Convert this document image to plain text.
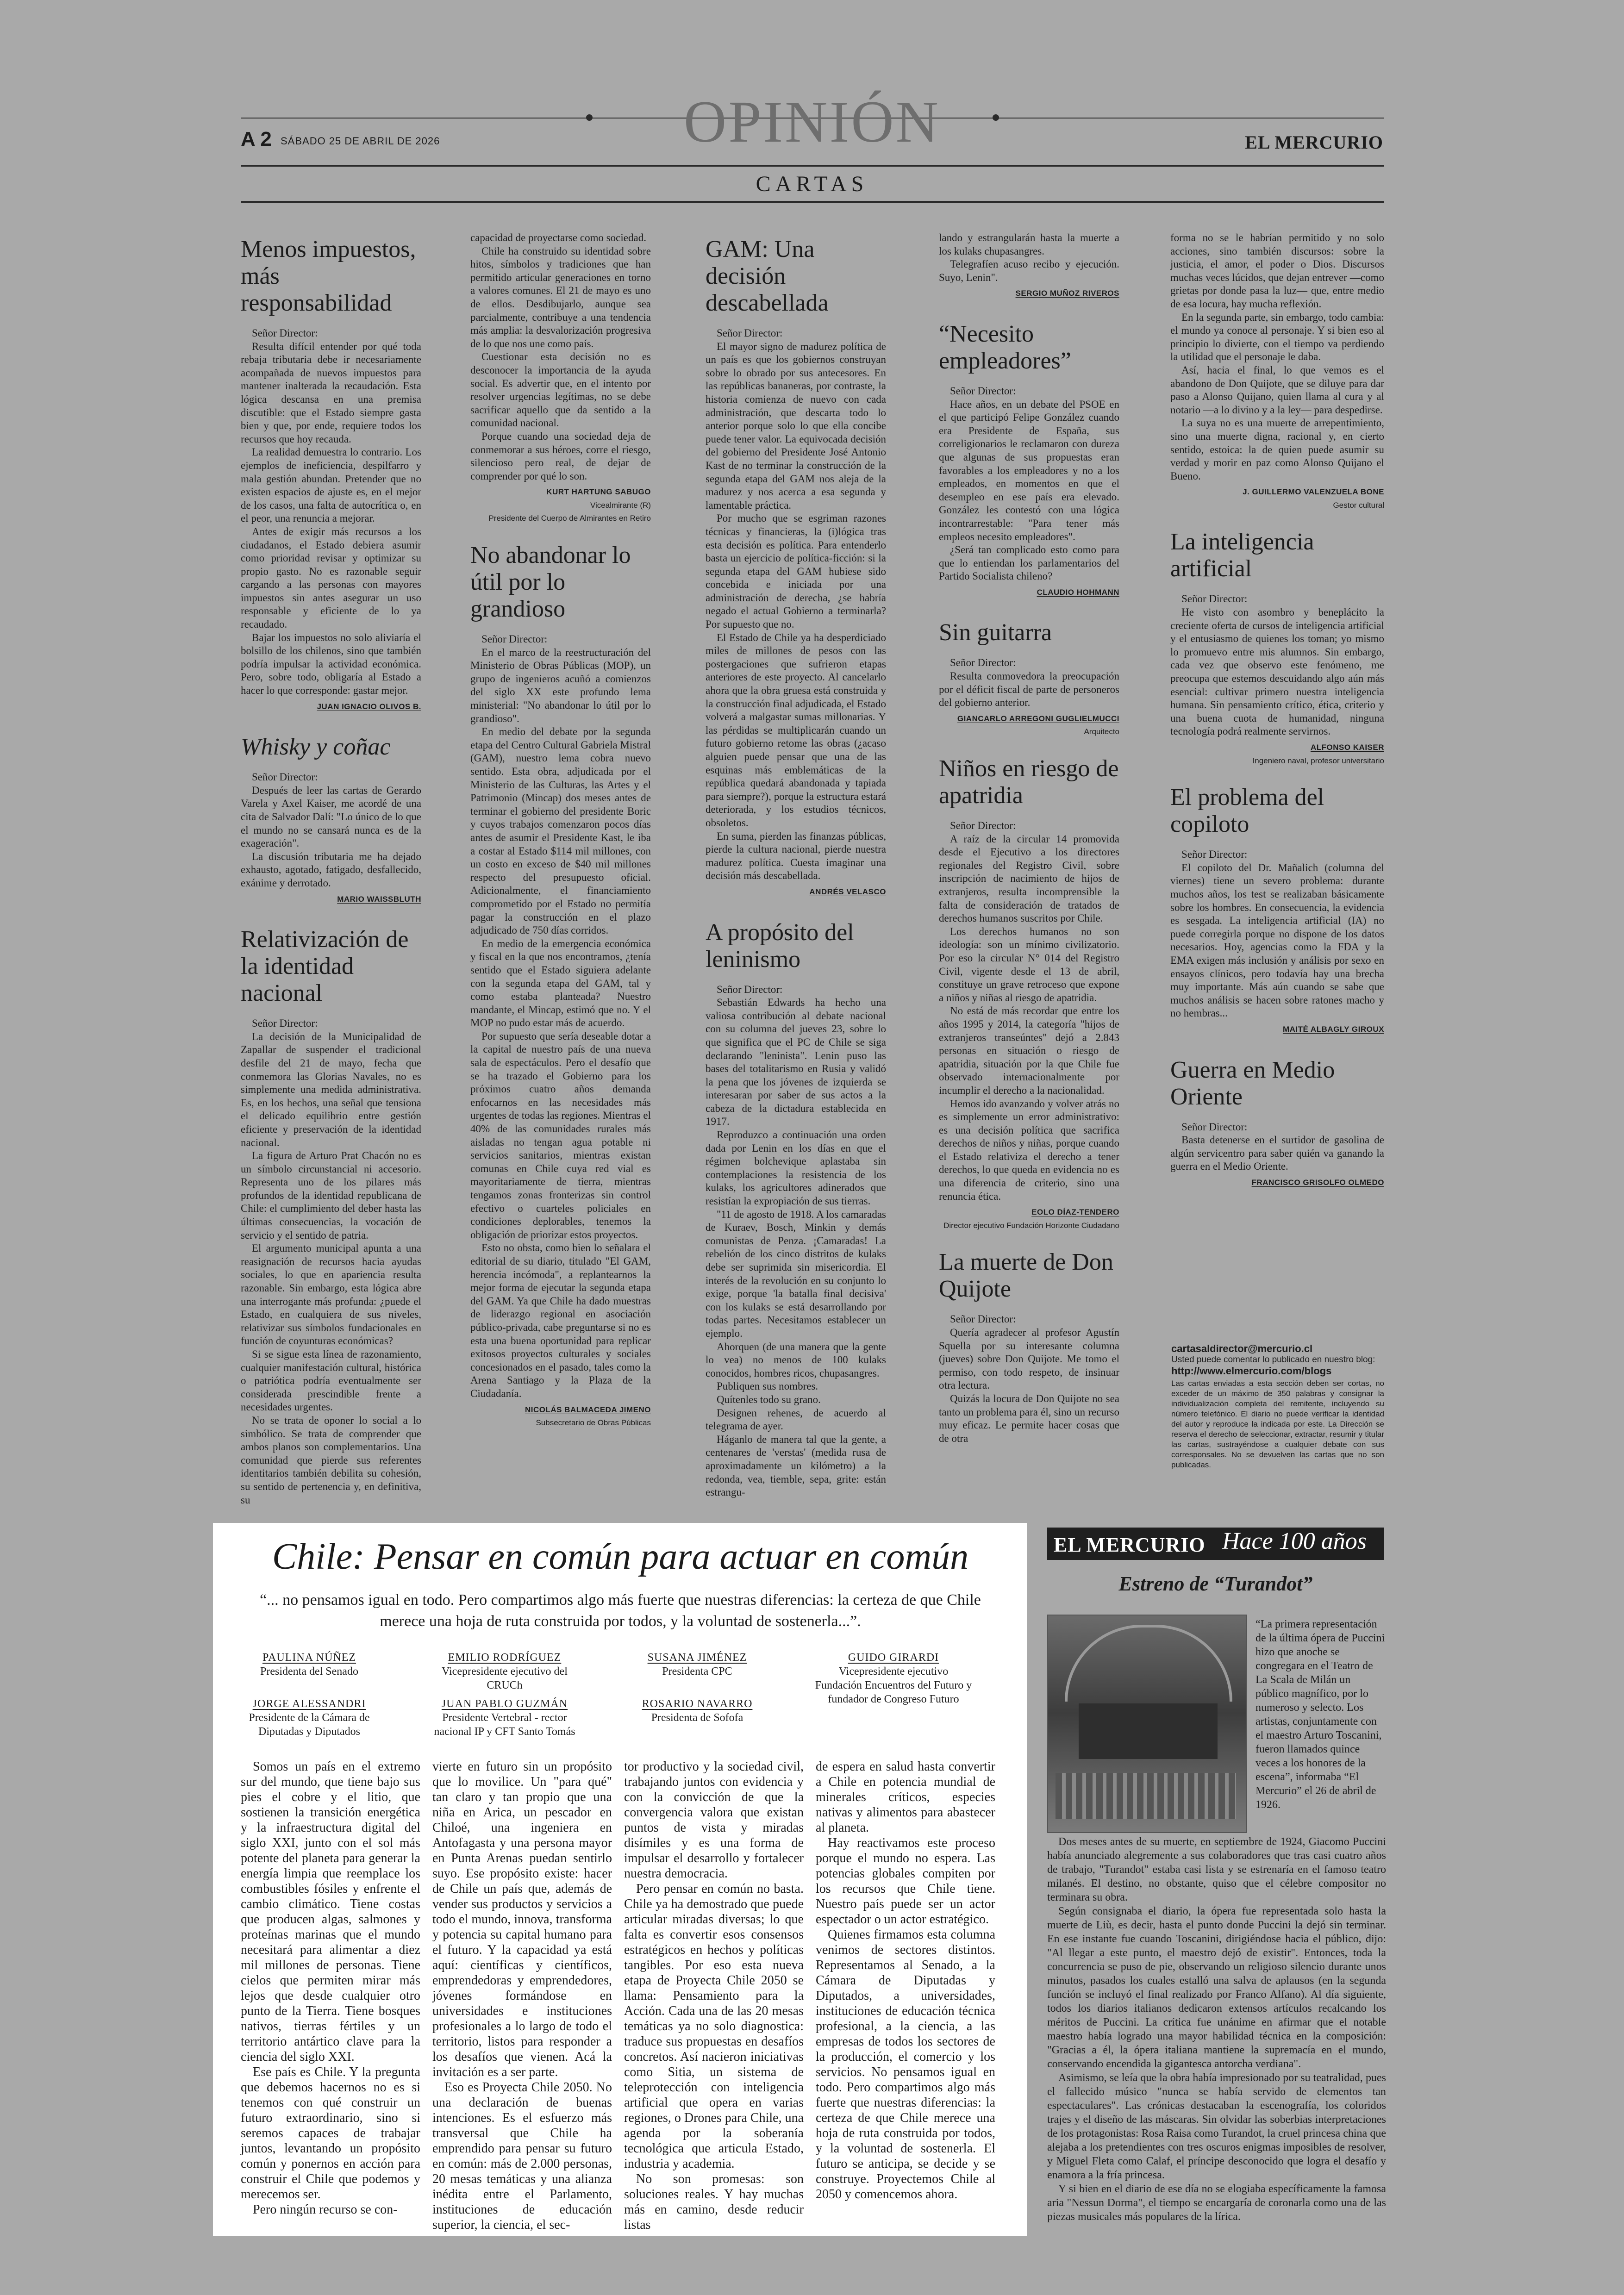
A 2 SÁBADO 25 DE ABRIL DE 2026	OPINIÓN	EL MERCURIO
CARTAS
Menos impuestos, más responsabilidad

Señor Director:

Resulta difícil entender por qué toda rebaja tributaria debe ir necesariamente acompañada de nuevos impuestos para mantener inalterada la recaudación. Esta lógica descansa en una premisa discutible: que el Estado siempre gasta bien y que, por ende, requiere todos los recursos que hoy recauda.

La realidad demuestra lo contrario. Los ejemplos de ineficiencia, despilfarro y mala gestión abundan. Pretender que no existen espacios de ajuste es, en el mejor de los casos, una falta de autocrítica o, en el peor, una renuncia a mejorar.

Antes de exigir más recursos a los ciudadanos, el Estado debiera asumir como prioridad revisar y optimizar su propio gasto. No es razonable seguir cargando a las personas con mayores impuestos sin antes asegurar un uso responsable y eficiente de lo ya recaudado.

Bajar los impuestos no solo aliviaría el bolsillo de los chilenos, sino que también podría impulsar la actividad económica. Pero, sobre todo, obligaría al Estado a hacer lo que corresponde: gastar mejor.

JUAN IGNACIO OLIVOS B.
Whisky y coñac

Señor Director:

Después de leer las cartas de Gerardo Varela y Axel Kaiser, me acordé de una cita de Salvador Dalí: "Lo único de lo que el mundo no se cansará nunca es de la exageración".

La discusión tributaria me ha dejado exhausto, agotado, fatigado, desfallecido, exánime y derrotado.

MARIO WAISSBLUTH
Relativización de la identidad nacional

Señor Director:

La decisión de la Municipalidad de Zapallar de suspender el tradicional desfile del 21 de mayo, fecha que conmemora las Glorias Navales, no es simplemente una medida administrativa. Es, en los hechos, una señal que tensiona el delicado equilibrio entre gestión eficiente y preservación de la identidad nacional.

La figura de Arturo Prat Chacón no es un símbolo circunstancial ni accesorio. Representa uno de los pilares más profundos de la identidad republicana de Chile: el cumplimiento del deber hasta las últimas consecuencias, la vocación de servicio y el sentido de patria.

El argumento municipal apunta a una reasignación de recursos hacia ayudas sociales, lo que en apariencia resulta razonable. Sin embargo, esta lógica abre una interrogante más profunda: ¿puede el Estado, en cualquiera de sus niveles, relativizar sus símbolos fundacionales en función de coyunturas económicas?

Si se sigue esta línea de razonamiento, cualquier manifestación cultural, histórica o patriótica podría eventualmente ser considerada prescindible frente a necesidades urgentes.

No se trata de oponer lo social a lo simbólico. Se trata de comprender que ambos planos son complementarios. Una comunidad que pierde sus referentes identitarios también debilita su cohesión, su sentido de pertenencia y, en definitiva, su

capacidad de proyectarse como sociedad.

Chile ha construido su identidad sobre hitos, símbolos y tradiciones que han permitido articular generaciones en torno a valores comunes. El 21 de mayo es uno de ellos. Desdibujarlo, aunque sea parcialmente, contribuye a una tendencia más amplia: la desvalorización progresiva de lo que nos une como país.

Cuestionar esta decisión no es desconocer la importancia de la ayuda social. Es advertir que, en el intento por resolver urgencias legítimas, no se debe sacrificar aquello que da sentido a la comunidad nacional.

Porque cuando una sociedad deja de conmemorar a sus héroes, corre el riesgo, silencioso pero real, de dejar de comprender por qué lo son.

KURT HARTUNG SABUGO
Vicealmirante (R)
Presidente del Cuerpo de Almirantes en Retiro
No abandonar lo útil por lo grandioso

Señor Director:

En el marco de la reestructuración del Ministerio de Obras Públicas (MOP), un grupo de ingenieros acuñó a comienzos del siglo XX este profundo lema ministerial: "No abandonar lo útil por lo grandioso".

En medio del debate por la segunda etapa del Centro Cultural Gabriela Mistral (GAM), nuestro lema cobra nuevo sentido. Esta obra, adjudicada por el Ministerio de las Culturas, las Artes y el Patrimonio (Mincap) dos meses antes de terminar el gobierno del presidente Boric y cuyos trabajos comenzaron pocos días antes de asumir el Presidente Kast, le iba a costar al Estado $114 mil millones, con un costo en exceso de $40 mil millones respecto del presupuesto oficial. Adicionalmente, el financiamiento comprometido por el Estado no permitía pagar la construcción en el plazo adjudicado de 750 días corridos.

En medio de la emergencia económica y fiscal en la que nos encontramos, ¿tenía sentido que el Estado siguiera adelante con la segunda etapa del GAM, tal y como estaba planteada? Nuestro mandante, el Mincap, estimó que no. Y el MOP no pudo estar más de acuerdo.

Por supuesto que sería deseable dotar a la capital de nuestro país de una nueva sala de espectáculos. Pero el desafío que se ha trazado el Gobierno para los próximos cuatro años demanda enfocarnos en las necesidades más urgentes de todas las regiones. Mientras el 40% de las comunidades rurales más aisladas no tengan agua potable ni servicios sanitarios, mientras existan comunas en Chile cuya red vial es mayoritariamente de tierra, mientras tengamos zonas fronterizas sin control efectivo o cuarteles policiales en condiciones deplorables, tenemos la obligación de priorizar estos proyectos.

Esto no obsta, como bien lo señalara el editorial de su diario, titulado "El GAM, herencia incómoda", a replantearnos la mejor forma de ejecutar la segunda etapa del GAM. Ya que Chile ha dado muestras de liderazgo regional en asociación público-privada, cabe preguntarse si no es esta una buena oportunidad para replicar exitosos proyectos culturales y sociales concesionados en el pasado, tales como la Arena Santiago y la Plaza de la Ciudadanía.

NICOLÁS BALMACEDA JIMENO
Subsecretario de Obras Públicas
GAM: Una decisión descabellada

Señor Director:

El mayor signo de madurez política de un país es que los gobiernos construyan sobre lo obrado por sus antecesores. En las repúblicas bananeras, por contraste, la historia comienza de nuevo con cada administración, que descarta todo lo anterior porque solo lo que ella concibe puede tener valor. La equivocada decisión del gobierno del Presidente José Antonio Kast de no terminar la construcción de la segunda etapa del GAM nos aleja de la madurez y nos acerca a esa segunda y lamentable práctica.

Por mucho que se esgriman razones técnicas y financieras, la (i)lógica tras esta decisión es política. Para entenderlo basta un ejercicio de política-ficción: si la segunda etapa del GAM hubiese sido concebida e iniciada por una administración de derecha, ¿se habría negado el actual Gobierno a terminarla? Por supuesto que no.

El Estado de Chile ya ha desperdiciado miles de millones de pesos con las postergaciones que sufrieron etapas anteriores de este proyecto. Al cancelarlo ahora que la obra gruesa está construida y la construcción final adjudicada, el Estado volverá a malgastar sumas millonarias. Y las pérdidas se multiplicarán cuando un futuro gobierno retome las obras (¿acaso alguien puede pensar que una de las esquinas más emblemáticas de la república quedará abandonada y tapiada para siempre?), porque la estructura estará deteriorada, y los estudios técnicos, obsoletos.

En suma, pierden las finanzas públicas, pierde la cultura nacional, pierde nuestra madurez política. Cuesta imaginar una decisión más descabellada.

ANDRÉS VELASCO
A propósito del leninismo

Señor Director:

Sebastián Edwards ha hecho una valiosa contribución al debate nacional con su columna del jueves 23, sobre lo que significa que el PC de Chile se siga declarando "leninista". Lenin puso las bases del totalitarismo en Rusia y validó la pena que los jóvenes de izquierda se interesaran por saber de sus actos a la cabeza de la dictadura establecida en 1917.

Reproduzco a continuación una orden dada por Lenin en los días en que el régimen bolchevique aplastaba sin contemplaciones la resistencia de los kulaks, los agricultores adinerados que resistían la expropiación de sus tierras.

"11 de agosto de 1918. A los camaradas de Kuraev, Bosch, Minkin y demás comunistas de Penza. ¡Camaradas! La rebelión de los cinco distritos de kulaks debe ser suprimida sin misericordia. El interés de la revolución en su conjunto lo exige, porque 'la batalla final decisiva' con los kulaks se está desarrollando por todas partes. Necesitamos establecer un ejemplo.

Ahorquen (de una manera que la gente lo vea) no menos de 100 kulaks conocidos, hombres ricos, chupasangres.

Publiquen sus nombres.

Quítenles todo su grano.

Designen rehenes, de acuerdo al telegrama de ayer.

Háganlo de manera tal que la gente, a centenares de 'verstas' (medida rusa de aproximadamente un kilómetro) a la redonda, vea, tiemble, sepa, grite: están estrangu-

lando y estrangularán hasta la muerte a los kulaks chupasangres.

Telegrafíen acuso recibo y ejecución. Suyo, Lenin".

SERGIO MUÑOZ RIVEROS
“Necesito empleadores”

Señor Director:

Hace años, en un debate del PSOE en el que participó Felipe González cuando era Presidente de España, sus correligionarios le reclamaron con dureza que algunas de sus propuestas eran favorables a los empleadores y no a los empleados, en momentos en que el desempleo en ese país era elevado. González les contestó con una lógica incontrarrestable: "Para tener más empleos necesito empleadores".

¿Será tan complicado esto como para que lo entiendan los parlamentarios del Partido Socialista chileno?

CLAUDIO HOHMANN
Sin guitarra

Señor Director:

Resulta conmovedora la preocupación por el déficit fiscal de parte de personeros del gobierno anterior.

GIANCARLO ARREGONI GUGLIELMUCCI
Arquitecto
Niños en riesgo de apatridia

Señor Director:

A raíz de la circular 14 promovida desde el Ejecutivo a los directores regionales del Registro Civil, sobre inscripción de nacimiento de hijos de extranjeros, resulta incomprensible la falta de consideración de tratados de derechos humanos suscritos por Chile.

Los derechos humanos no son ideología: son un mínimo civilizatorio. Por eso la circular N° 014 del Registro Civil, vigente desde el 13 de abril, constituye un grave retroceso que expone a niños y niñas al riesgo de apatridia.

No está de más recordar que entre los años 1995 y 2014, la categoría "hijos de extranjeros transeúntes" dejó a 2.843 personas en situación o riesgo de apatridia, situación por la que Chile fue observado internacionalmente por incumplir el derecho a la nacionalidad.

Hemos ido avanzando y volver atrás no es simplemente un error administrativo: es una decisión política que sacrifica derechos de niños y niñas, porque cuando el Estado relativiza el derecho a tener derechos, lo que queda en evidencia no es una diferencia de criterio, sino una renuncia ética.

EOLO DÍAZ-TENDERO
Director ejecutivo Fundación Horizonte Ciudadano
La muerte de Don Quijote

Señor Director:

Quería agradecer al profesor Agustín Squella por su interesante columna (jueves) sobre Don Quijote. Me tomo el permiso, con todo respeto, de insinuar otra lectura.

Quizás la locura de Don Quijote no sea tanto un problema para él, sino un recurso muy eficaz. Le permite hacer cosas que de otra

forma no se le habrían permitido y no solo acciones, sino también discursos: sobre la justicia, el amor, el poder o Dios. Discursos muchas veces lúcidos, que dejan entrever —como grietas por donde pasa la luz— que, entre medio de esa locura, hay mucha reflexión.

En la segunda parte, sin embargo, todo cambia: el mundo ya conoce al personaje. Y si bien eso al principio lo divierte, con el tiempo va perdiendo la utilidad que el personaje le daba.

Así, hacia el final, lo que vemos es el abandono de Don Quijote, que se diluye para dar paso a Alonso Quijano, quien llama al cura y al notario —a lo divino y a la ley— para despedirse.

La suya no es una muerte de arrepentimiento, sino una muerte digna, racional y, en cierto sentido, estoica: la de quien puede asumir su verdad y morir en paz como Alonso Quijano el Bueno.

J. GUILLERMO VALENZUELA BONE
Gestor cultural
La inteligencia artificial

Señor Director:

He visto con asombro y beneplácito la creciente oferta de cursos de inteligencia artificial y el entusiasmo de quienes los toman; yo mismo lo promuevo entre mis alumnos. Sin embargo, cada vez que observo este fenómeno, me preocupa que estemos descuidando algo aún más esencial: cultivar primero nuestra inteligencia humana. Sin pensamiento crítico, ética, criterio y una buena cuota de humanidad, ninguna tecnología podrá realmente servirnos.

ALFONSO KAISER
Ingeniero naval, profesor universitario
El problema del copiloto

Señor Director:

El copiloto del Dr. Mañalich (columna del viernes) tiene un severo problema: durante muchos años, los test se realizaban básicamente sobre los hombres. En consecuencia, la evidencia es sesgada. La inteligencia artificial (IA) no puede corregirla porque no dispone de los datos necesarios. Hoy, agencias como la FDA y la EMA exigen más inclusión y análisis por sexo en ensayos clínicos, pero todavía hay una brecha muy importante. Más aún cuando se sabe que muchos análisis se hacen sobre ratones macho y no hembras...

MAITÉ ALBAGLY GIROUX
Guerra en Medio Oriente

Señor Director:

Basta detenerse en el surtidor de gasolina de algún servicentro para saber quién va ganando la guerra en el Medio Oriente.

FRANCISCO GRISOLFO OLMEDO
cartasaldirector@mercurio.cl
Usted puede comentar lo publicado en nuestro blog:
http://www.elmercurio.com/blogs
Las cartas enviadas a esta sección deben ser cortas, no exceder de un máximo de 350 palabras y consignar la individualización completa del remitente, incluyendo su número telefónico. El diario no puede verificar la identidad del autor y reproduce la indicada por este. La Dirección se reserva el derecho de seleccionar, extractar, resumir y titular las cartas, sustrayéndose a cualquier debate con sus corresponsales. No se devuelven las cartas que no son publicadas.
Chile: Pensar en común para actuar en común
“... no pensamos igual en todo. Pero compartimos algo más fuerte que nuestras diferencias: la certeza de que Chile merece una hoja de ruta construida por todos, y la voluntad de sostenerla...”.
PAULINA NÚÑEZ
Presidenta del Senado
EMILIO RODRÍGUEZ
Vicepresidente ejecutivo del CRUCh
SUSANA JIMÉNEZ
Presidenta CPC
GUIDO GIRARDI
Vicepresidente ejecutivo Fundación Encuentros del Futuro y fundador de Congreso Futuro
JORGE ALESSANDRI
Presidente de la Cámara de Diputadas y Diputados
JUAN PABLO GUZMÁN
Presidente Vertebral - rector nacional IP y CFT Santo Tomás
ROSARIO NAVARRO
Presidenta de Sofofa

Somos un país en el extremo sur del mundo, que tiene bajo sus pies el cobre y el litio, que sostienen la transición energética y la infraestructura digital del siglo XXI, junto con el sol más potente del planeta para generar la energía limpia que reemplace los combustibles fósiles y enfrente el cambio climático. Tiene costas que producen algas, salmones y proteínas marinas que el mundo necesitará para alimentar a diez mil millones de personas. Tiene cielos que permiten mirar más lejos que desde cualquier otro punto de la Tierra. Tiene bosques nativos, tierras fértiles y un territorio antártico clave para la ciencia del siglo XXI.

Ese país es Chile. Y la pregunta que debemos hacernos no es si tenemos con qué construir un futuro extraordinario, sino si seremos capaces de trabajar juntos, levantando un propósito común y ponernos en acción para construir el Chile que podemos y merecemos ser.

Pero ningún recurso se con-

vierte en futuro sin un propósito que lo movilice. Un "para qué" tan claro y tan propio que una niña en Arica, un pescador en Chiloé, una ingeniera en Antofagasta y una persona mayor en Punta Arenas puedan sentirlo suyo. Ese propósito existe: hacer de Chile un país que, además de vender sus productos y servicios a todo el mundo, innova, transforma y potencia su capital humano para el futuro. Y la capacidad ya está aquí: científicas y científicos, emprendedoras y emprendedores, jóvenes formándose en universidades e instituciones profesionales a lo largo de todo el territorio, listos para responder a los desafíos que vienen. Acá la invitación es a ser parte.

Eso es Proyecta Chile 2050. No una declaración de buenas intenciones. Es el esfuerzo más transversal que Chile ha emprendido para pensar su futuro en común: más de 2.000 personas, 20 mesas temáticas y una alianza inédita entre el Parlamento, instituciones de educación superior, la ciencia, el sec-

tor productivo y la sociedad civil, trabajando juntos con evidencia y con la convicción de que la convergencia valora que existan puntos de vista y miradas disímiles y es una forma de impulsar el desarrollo y fortalecer nuestra democracia.

Pero pensar en común no basta. Chile ya ha demostrado que puede articular miradas diversas; lo que falta es convertir esos consensos estratégicos en hechos y políticas tangibles. Por eso esta nueva etapa de Proyecta Chile 2050 se llama: Pensamiento para la Acción. Cada una de las 20 mesas temáticas ya no solo diagnostica: traduce sus propuestas en desafíos concretos. Así nacieron iniciativas como Sitia, un sistema de teleprotección con inteligencia artificial que opera en varias regiones, o Drones para Chile, una agenda por la soberanía tecnológica que articula Estado, industria y academia.

No son promesas: son soluciones reales. Y hay muchas más en camino, desde reducir listas

de espera en salud hasta convertir a Chile en potencia mundial de minerales críticos, especies nativas y alimentos para abastecer al planeta.

Hay reactivamos este proceso porque el mundo no espera. Las potencias globales compiten por los recursos que Chile tiene. Nuestro país puede ser un actor espectador o un actor estratégico.

Quienes firmamos esta columna venimos de sectores distintos. Representamos al Senado, a la Cámara de Diputadas y Diputados, a universidades, instituciones de educación técnica profesional, a la ciencia, a las empresas de todos los sectores de la producción, el comercio y los servicios. No pensamos igual en todo. Pero compartimos algo más fuerte que nuestras diferencias: la certeza de que Chile merece una hoja de ruta construida por todos, y la voluntad de sostenerla. El futuro se anticipa, se decide y se construye. Proyectemos Chile al 2050 y comencemos ahora.

EL MERCURIO Hace 100 años
Estreno de “Turandot”
“La primera representación de la última ópera de Puccini hizo que anoche se congregara en el Teatro de La Scala de Milán un público magnífico, por lo numeroso y selecto. Los artistas, conjuntamente con el maestro Arturo Toscanini, fueron llamados quince veces a los honores de la escena”, informaba “El Mercurio” el 26 de abril de 1926.

Dos meses antes de su muerte, en septiembre de 1924, Giacomo Puccini había anunciado alegremente a sus colaboradores que tras casi cuatro años de trabajo, "Turandot" estaba casi lista y se estrenaría en el famoso teatro milanés. El destino, no obstante, quiso que el célebre compositor no terminara su obra.

Según consignaba el diario, la ópera fue representada solo hasta la muerte de Liù, es decir, hasta el punto donde Puccini la dejó sin terminar. En ese instante fue cuando Toscanini, dirigiéndose hacia el público, dijo: "Al llegar a este punto, el maestro dejó de existir". Entonces, toda la concurrencia se puso de pie, observando un religioso silencio durante unos minutos, pasados los cuales estalló una salva de aplausos (en la segunda función se incluyó el final realizado por Franco Alfano). Al día siguiente, todos los diarios italianos dedicaron extensos artículos recalcando los méritos de Puccini. La crítica fue unánime en afirmar que el notable maestro había logrado una mayor habilidad técnica en la composición: "Gracias a él, la ópera italiana mantiene la supremacía en el mundo, conservando encendida la gigantesca antorcha verdiana".

Asimismo, se leía que la obra había impresionado por su teatralidad, pues el fallecido músico "nunca se había servido de elementos tan espectaculares". Las crónicas destacaban la escenografía, los coloridos trajes y el diseño de las máscaras. Sin olvidar las soberbias interpretaciones de los protagonistas: Rosa Raisa como Turandot, la cruel princesa china que alejaba a los pretendientes con tres oscuros enigmas imposibles de resolver, y Miguel Fleta como Calaf, el príncipe desconocido que logra el desafío y enamora a la fría princesa.

Y si bien en el diario de ese día no se elogiaba específicamente la famosa aria "Nessun Dorma", el tiempo se encargaría de coronarla como una de las piezas musicales más populares de la lírica.
